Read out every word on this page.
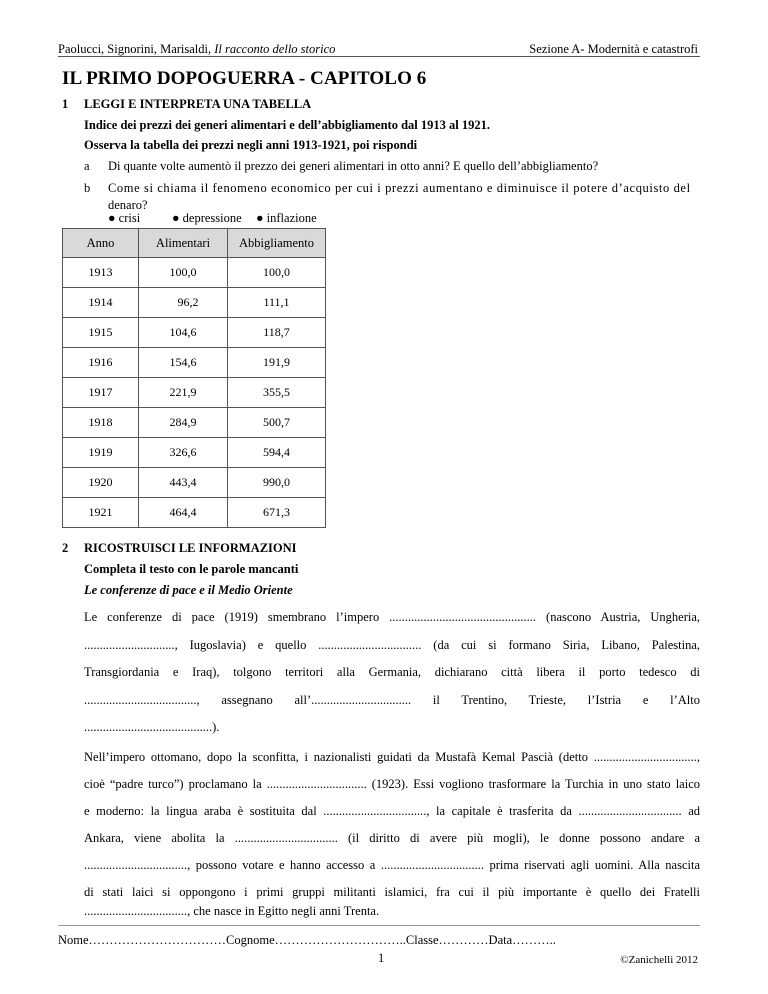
Paolucci, Signorini, Marisaldi, Il racconto dello storico	Sezione A- Modernità e catastrofi
IL PRIMO DOPOGUERRA - CAPITOLO 6
1 LEGGI E INTERPRETA UNA TABELLA
Indice dei prezzi dei generi alimentari e dell’abbigliamento dal 1913 al 1921.
Osserva la tabella dei prezzi negli anni 1913-1921, poi rispondi
a Di quante volte aumentò il prezzo dei generi alimentari in otto anni? E quello dell’abbigliamento?
b Come si chiama il fenomeno economico per cui i prezzi aumentano e diminuisce il potere d’acquisto del
denaro?
● crisi	● depressione ● inflazione
Anno	Alimentari	Abbigliamento
1913	100,0	100,0
1914	96,2	111,1
1915	104,6	118,7
1916	154,6	191,9
1917	221,9	355,5
1918	284,9	500,7
1919	326,6	594,4
1920	443,4	990,0
1921	464,4	671,3
2 RICOSTRUISCI LE INFORMAZIONI
Completa il testo con le parole mancanti
Le conferenze di pace e il Medio Oriente
Le conferenze di pace (1919) smembrano l’impero ............................................... (nascono Austria, Ungheria,
............................., Iugoslavia) e quello ................................. (da cui si formano Siria, Libano, Palestina,
Transgiordania e Iraq), tolgono territori alla Germania, dichiarano città libera il porto tedesco di
...................................., assegnano all’................................ il Trentino, Trieste, l’Istria e l’Alto
.........................................).
Nell’impero ottomano, dopo la sconfitta, i nazionalisti guidati da Mustafà Kemal Pascià (detto .................................,
cioè “padre turco”) proclamano la ................................ (1923). Essi vogliono trasformare la Turchia in uno stato laico
e moderno: la lingua araba è sostituita dal ................................., la capitale è trasferita da ................................. ad
Ankara, viene abolita la ................................. (il diritto di avere più mogli), le donne possono andare a
................................., possono votare e hanno accesso a ................................. prima riservati agli uomini. Alla nascita
di stati laici si oppongono i primi gruppi militanti islamici, fra cui il più importante è quello dei Fratelli
................................., che nasce in Egitto negli anni Trenta.
Nome……………………………Cognome…………………………..Classe…………Data………..
1	©Zanichelli 2012
